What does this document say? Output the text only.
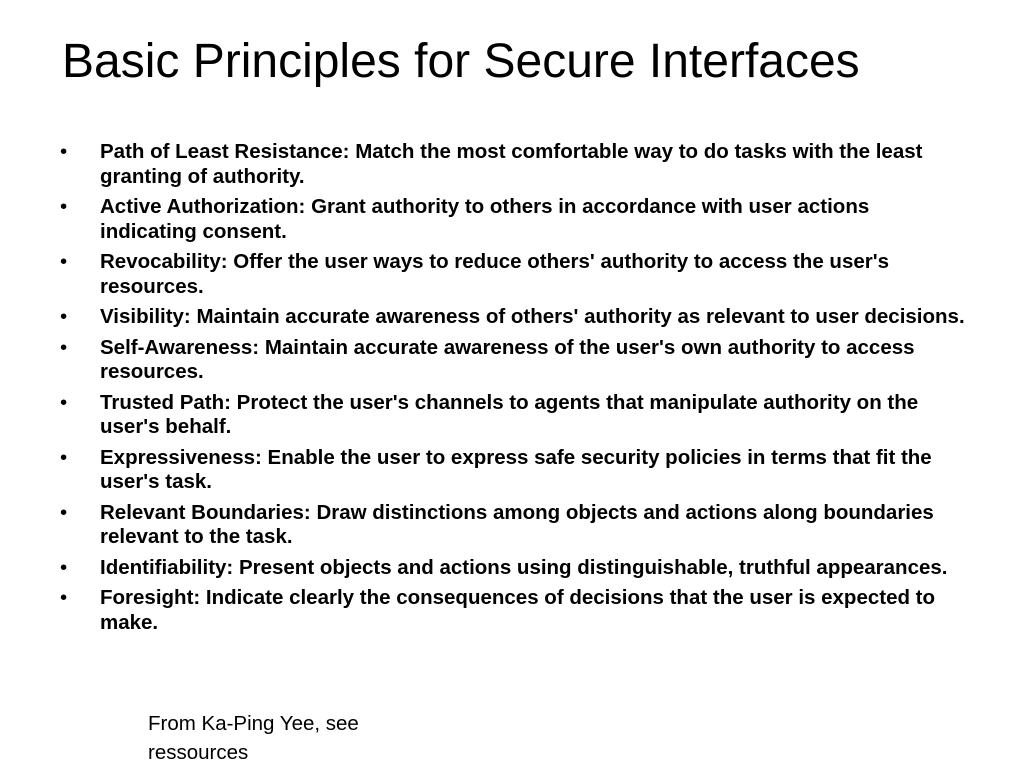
Basic Principles for Secure Interfaces
• Path of Least Resistance: Match the most comfortable way to do tasks with the least granting of authority.
• Active Authorization: Grant authority to others in accordance with user actions indicating consent.
• Revocability: Offer the user ways to reduce others' authority to access the user's resources.
• Visibility: Maintain accurate awareness of others' authority as relevant to user decisions.
• Self-Awareness: Maintain accurate awareness of the user's own authority to access resources.
• Trusted Path: Protect the user's channels to agents that manipulate authority on the user's behalf.
• Expressiveness: Enable the user to express safe security policies in terms that fit the user's task.
• Relevant Boundaries: Draw distinctions among objects and actions along boundaries relevant to the task.
• Identifiability: Present objects and actions using distinguishable, truthful appearances.
• Foresight: Indicate clearly the consequences of decisions that the user is expected to make.

From Ka-Ping Yee, see
ressources
